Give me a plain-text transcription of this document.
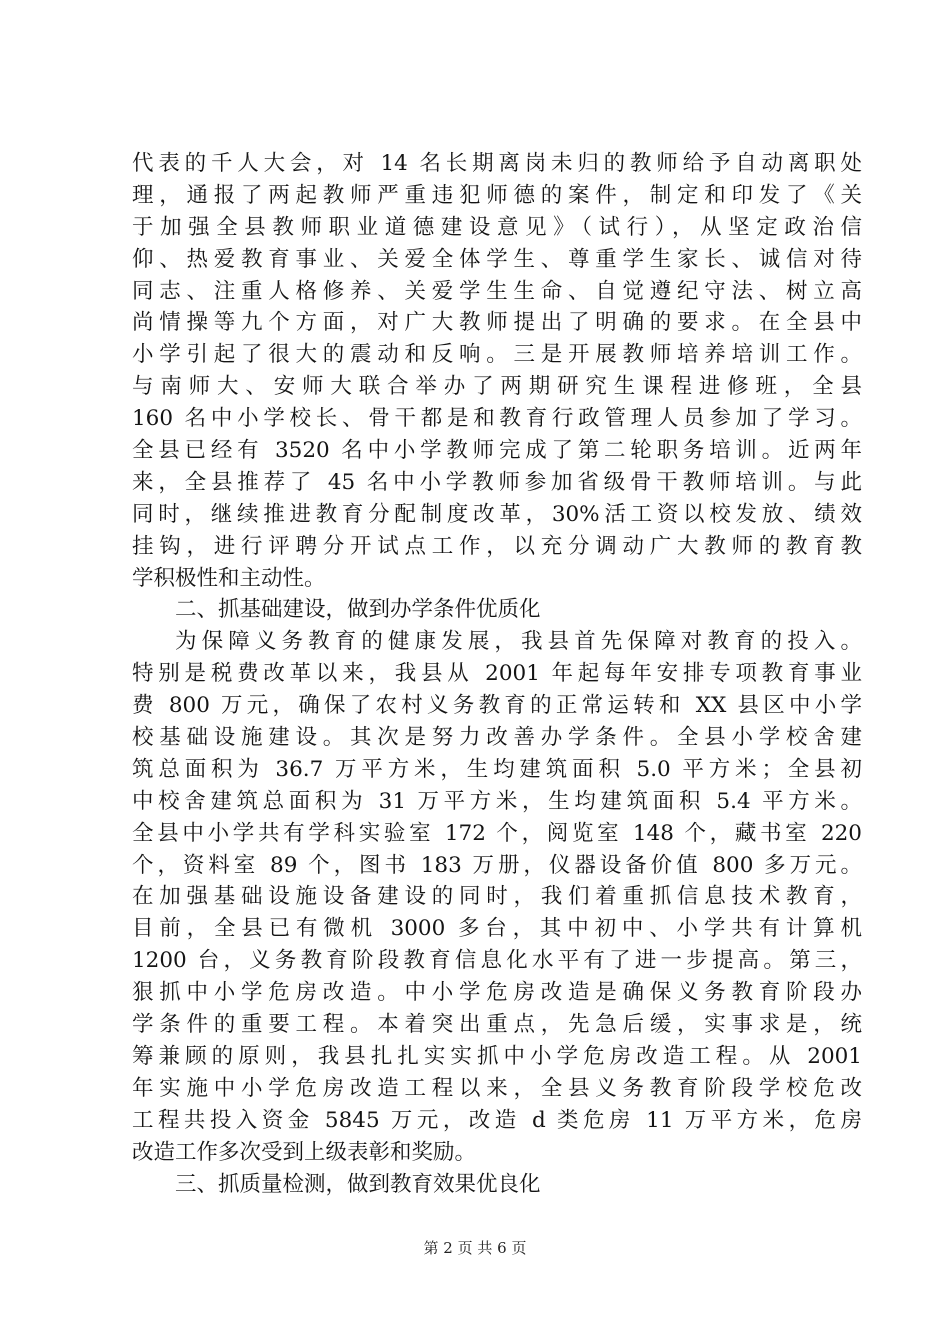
代表的千人大会，对 14 名长期离岗未归的教师给予自动离职处
理，通报了两起教师严重违犯师德的案件，制定和印发了《关
于加强全县教师职业道德建设意见》（试行），从坚定政治信
仰、热爱教育事业、关爱全体学生、尊重学生家长、诚信对待
同志、注重人格修养、关爱学生生命、自觉遵纪守法、树立高
尚情操等九个方面，对广大教师提出了明确的要求。在全县中
小学引起了很大的震动和反响。三是开展教师培养培训工作。
与南师大、安师大联合举办了两期研究生课程进修班，全县
160 名中小学校长、骨干都是和教育行政管理人员参加了学习。
全县已经有 3520 名中小学教师完成了第二轮职务培训。近两年
来，全县推荐了 45 名中小学教师参加省级骨干教师培训。与此
同时，继续推进教育分配制度改革，30%活工资以校发放、绩效
挂钩，进行评聘分开试点工作，以充分调动广大教师的教育教
学积极性和主动性。
二、抓基础建设，做到办学条件优质化
为保障义务教育的健康发展，我县首先保障对教育的投入。
特别是税费改革以来，我县从 2001 年起每年安排专项教育事业
费 800 万元，确保了农村义务教育的正常运转和 XX 县区中小学
校基础设施建设。其次是努力改善办学条件。全县小学校舍建
筑总面积为 36.7 万平方米，生均建筑面积 5.0 平方米；全县初
中校舍建筑总面积为 31 万平方米，生均建筑面积 5.4 平方米。
全县中小学共有学科实验室 172 个，阅览室 148 个，藏书室 220
个，资料室 89 个，图书 183 万册，仪器设备价值 800 多万元。
在加强基础设施设备建设的同时，我们着重抓信息技术教育，
目前，全县已有微机 3000 多台，其中初中、小学共有计算机
1200 台，义务教育阶段教育信息化水平有了进一步提高。第三，
狠抓中小学危房改造。中小学危房改造是确保义务教育阶段办
学条件的重要工程。本着突出重点，先急后缓，实事求是，统
筹兼顾的原则，我县扎扎实实抓中小学危房改造工程。从 2001
年实施中小学危房改造工程以来，全县义务教育阶段学校危改
工程共投入资金 5845 万元，改造 d 类危房 11 万平方米，危房
改造工作多次受到上级表彰和奖励。
三、抓质量检测，做到教育效果优良化
第 2 页 共 6 页
